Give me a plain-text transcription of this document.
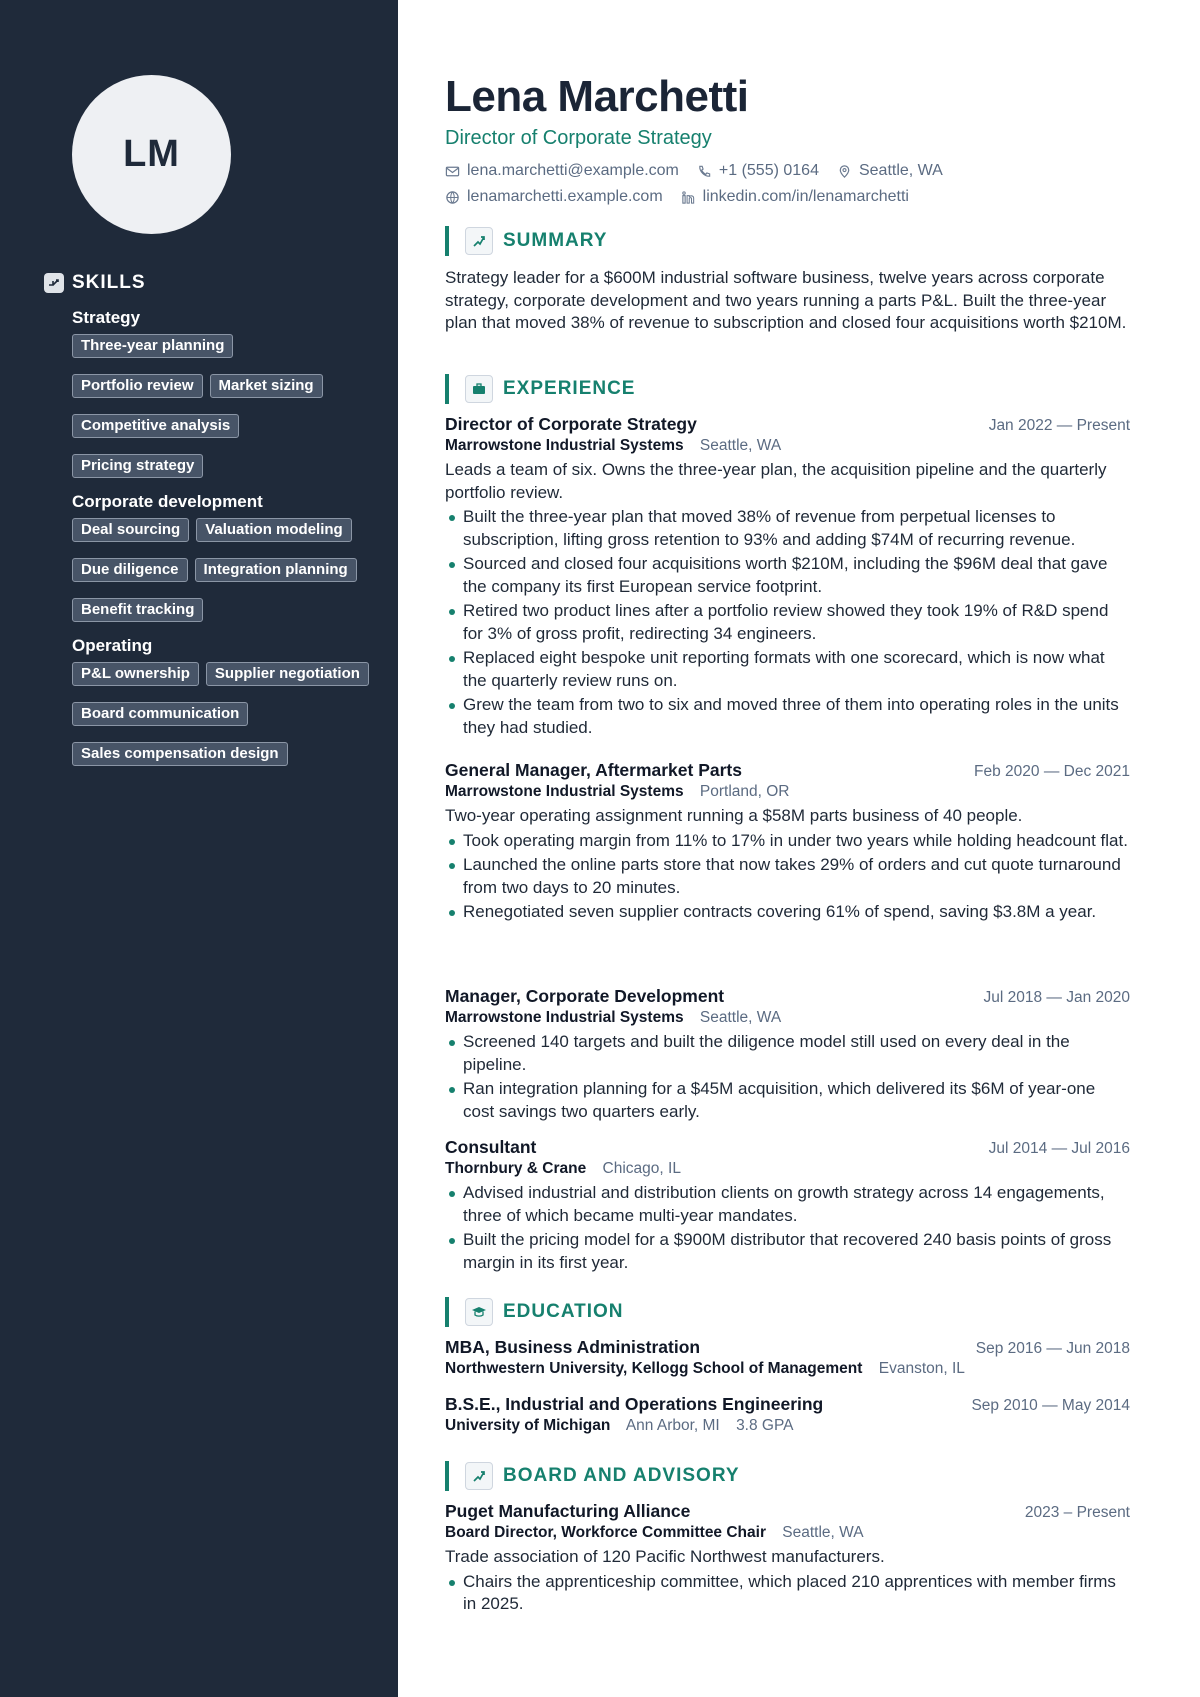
LM
SKILLS
Strategy
Three-year planning
Portfolio review	Market sizing
Competitive analysis
Pricing strategy
Corporate development
Deal sourcing	Valuation modeling
Due diligence	Integration planning
Benefit tracking
Operating
P&L ownership	Supplier negotiation
Board communication
Sales compensation design
Lena Marchetti
Director of Corporate Strategy
lena.marchetti@example.com	+1 (555) 0164	Seattle, WA
lenamarchetti.example.com	linkedin.com/in/lenamarchetti
SUMMARY

Strategy leader for a $600M industrial software business, twelve years across corporate strategy, corporate development and two years running a parts P&L. Built the three-year plan that moved 38% of revenue to subscription and closed four acquisitions worth $210M.

EXPERIENCE
Director of Corporate Strategy	Jan 2022 — Present
Marrowstone Industrial Systems Seattle, WA

Leads a team of six. Owns the three-year plan, the acquisition pipeline and the quarterly portfolio review.

Built the three-year plan that moved 38% of revenue from perpetual licenses to subscription, lifting gross retention to 93% and adding $74M of recurring revenue.
Sourced and closed four acquisitions worth $210M, including the $96M deal that gave the company its first European service footprint.
Retired two product lines after a portfolio review showed they took 19% of R&D spend for 3% of gross profit, redirecting 34 engineers.
Replaced eight bespoke unit reporting formats with one scorecard, which is now what the quarterly review runs on.
Grew the team from two to six and moved three of them into operating roles in the units they had studied.
General Manager, Aftermarket Parts	Feb 2020 — Dec 2021
Marrowstone Industrial Systems Portland, OR

Two-year operating assignment running a $58M parts business of 40 people.

Took operating margin from 11% to 17% in under two years while holding headcount flat.
Launched the online parts store that now takes 29% of orders and cut quote turnaround from two days to 20 minutes.
Renegotiated seven supplier contracts covering 61% of spend, saving $3.8M a year.
Manager, Corporate Development	Jul 2018 — Jan 2020
Marrowstone Industrial Systems Seattle, WA
Screened 140 targets and built the diligence model still used on every deal in the pipeline.
Ran integration planning for a $45M acquisition, which delivered its $6M of year-one cost savings two quarters early.
Consultant	Jul 2014 — Jul 2016
Thornbury & Crane Chicago, IL
Advised industrial and distribution clients on growth strategy across 14 engagements, three of which became multi-year mandates.
Built the pricing model for a $900M distributor that recovered 240 basis points of gross margin in its first year.
EDUCATION
MBA, Business Administration	Sep 2016 — Jun 2018
Northwestern University, Kellogg School of Management Evanston, IL
B.S.E., Industrial and Operations Engineering	Sep 2010 — May 2014
University of Michigan Ann Arbor, MI 3.8 GPA
BOARD AND ADVISORY
Puget Manufacturing Alliance	2023 – Present
Board Director, Workforce Committee Chair Seattle, WA

Trade association of 120 Pacific Northwest manufacturers.

Chairs the apprenticeship committee, which placed 210 apprentices with member firms in 2025.
